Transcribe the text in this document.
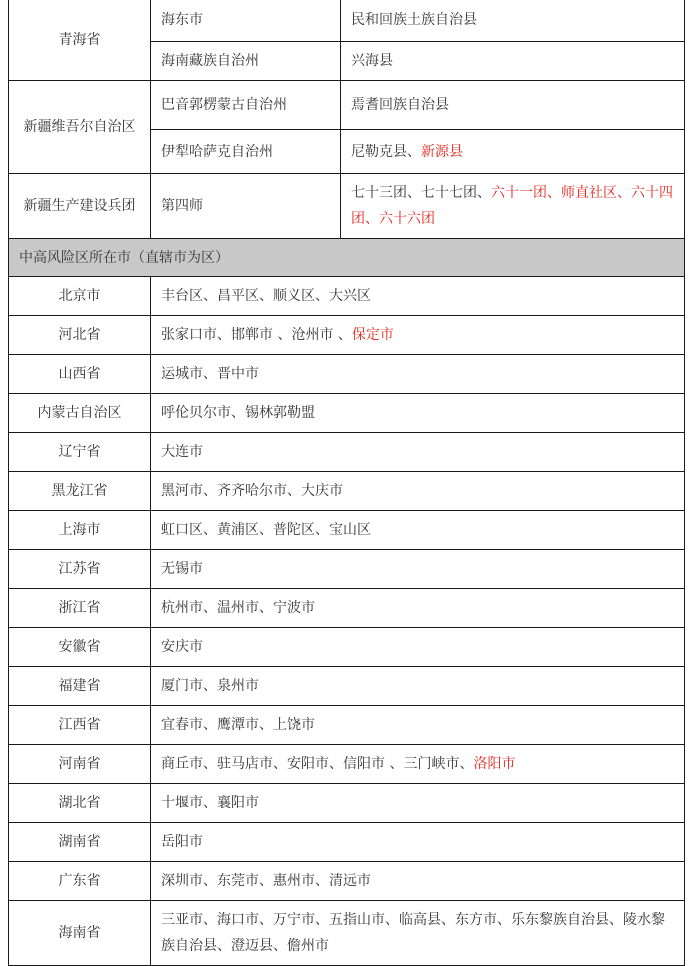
青海省	海东市	民和回族土族自治县
	海南藏族自治州	兴海县
新疆维吾尔自治区	巴音郭楞蒙古自治州	焉耆回族自治县
	伊犁哈萨克自治州	尼勒克县、新源县
新疆生产建设兵团	第四师	七十三团、七十七团、六十一团、师直社区、六十四团、六十六团
中高风险区所在市（直辖市为区）	
北京市	丰台区、昌平区、顺义区、大兴区
河北省	张家口市、邯郸市 、沧州市 、保定市
山西省	运城市、晋中市
内蒙古自治区	呼伦贝尔市、锡林郭勒盟
辽宁省	大连市
黑龙江省	黑河市、齐齐哈尔市、大庆市
上海市	虹口区、黄浦区、普陀区、宝山区
江苏省	无锡市
浙江省	杭州市、温州市、宁波市
安徽省	安庆市
福建省	厦门市、泉州市
江西省	宜春市、鹰潭市、上饶市
河南省	商丘市、驻马店市、安阳市、信阳市 、三门峡市、洛阳市
湖北省	十堰市、襄阳市
湖南省	岳阳市
广东省	深圳市、东莞市、惠州市、清远市
海南省	三亚市、海口市、万宁市、五指山市、临高县、东方市、乐东黎族自治县、陵水黎族自治县、澄迈县、儋州市
